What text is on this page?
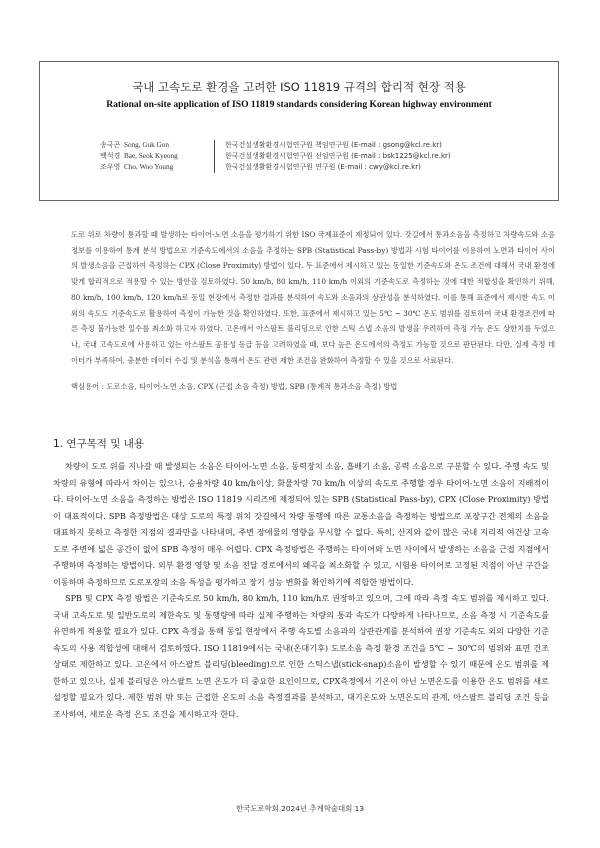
국내 고속도로 환경을 고려한 ISO 11819 규격의 합리적 현장 적용
Rational on-site application of ISO 11819 standards considering Korean highway environment
송국곤 Song, Guk Gon	한국건설생활환경시험연구원 책임연구원 (E-mail : gsong@kcl.re.kr)
백석경 Bae, Seok Kyeong	한국건설생활환경시험연구원 선임연구원 (E-mail : bsk1225@kcl.re.kr)
조우영 Cho, Woo Young	한국건설생활환경시험연구원 연구원 (E-mail : cwy@kcl.re.kr)
도로 위로 차량이 통과할 때 발생하는 타이어-노면 소음을 평가하기 위한 ISO 국제표준이 제정되어 있다. 갓길에서 통과소음을 측정하고 차량속도와 소음 정보를 이용하여 통계 분석 방법으로 기준속도에서의 소음을 추정하는 SPB (Statistical Pass-by) 방법과 시험 타이어를 이용하여 노면과 타이어 사이의 발생소음을 근접하여 측정하는 CPX (Close Proximity) 방법이 있다. 두 표준에서 제시하고 있는 동일한 기준속도와 온도 조건에 대해서 국내 환경에 맞게 합리적으로 적용할 수 있는 방안을 검토하였다. 50 km/h, 80 km/h, 110 km/h 이외의 기준속도로 측정하는 것에 대한 적합성을 확인하기 위해, 80 km/h, 100 km/h, 120 km/h로 동일 현장에서 측정한 결과를 분석하여 속도와 소음과의 상관성을 분석하였다. 이를 통해 표준에서 제시한 속도 이외의 속도도 기준속도로 활용하여 측정이 가능한 것을 확인하였다. 또한, 표준에서 제시하고 있는 5℃ ~ 30℃ 온도 범위를 검토하여 국내 환경조건에 따른 측정 불가능한 일수를 최소화 하고자 하였다. 고온에서 아스팔트 블리딩으로 인한 스틱 스냅 소음의 발생을 우려하여 측정 가능 온도 상한치를 두었으나, 국내 고속도로에 사용하고 있는 아스팔트 공용성 등급 등을 고려하였을 때, 보다 높은 온도에서의 측정도 가능할 것으로 판단된다. 다만, 실제 측정 데이터가 부족하여, 충분한 데이터 수집 및 분석을 통해서 온도 관련 제한 조건을 완화하여 측정할 수 있을 것으로 사료된다.
핵심용어 : 도로소음, 타이어-노면 소음, CPX (근접 소음 측정) 방법, SPB (통계적 통과소음 측정) 방법
1. 연구목적 및 내용

차량이 도로 위를 지나갈 때 발생되는 소음은 타이어-노면 소음, 동력장치 소음, 흡배기 소음, 공력 소음으로 구분할 수 있다. 주행 속도 및 차량의 유형에 따라서 차이는 있으나, 승용차량 40 km/h이상, 화물차량 70 km/h 이상의 속도로 주행할 경우 타이어-노면 소음이 지배적이다. 타이어-노면 소음을 측정하는 방법은 ISO 11819 시리즈에 제정되어 있는 SPB (Statistical Pass-by), CPX (Close Proximity) 방법이 대표적이다. SPB 측정방법은 대상 도로의 특정 위치 갓길에서 차량 통행에 따른 교통소음을 측정하는 방법으로 포장구간 전체의 소음을 대표하지 못하고 측정한 지점의 결과만을 나타내며, 주변 장애물의 영향을 무시할 수 없다. 특히, 산지와 같이 많은 국내 지리적 여건상 고속도로 주변에 넓은 공간이 없어 SPB 측정이 매우 어렵다. CPX 측정방법은 주행하는 타이어와 노면 사이에서 발생하는 소음을 근접 지점에서 주행하며 측정하는 방법이다. 외부 환경 영향 및 소음 전달 경로에서의 왜곡을 최소화할 수 있고, 시험용 타이어로 고정된 지점이 아닌 구간을 이동하며 측정하므로 도로포장의 소음 특성을 평가하고 장기 성능 변화를 확인하기에 적합한 방법이다.

SPB 및 CPX 측정 방법은 기준속도로 50 km/h, 80 km/h, 110 km/h로 권장하고 있으며, 그에 따라 측정 속도 범위를 제시하고 있다. 국내 고속도로 및 일반도로의 제한속도 및 통행량에 따라 실제 주행하는 차량의 통과 속도가 다양하게 나타나므로, 소음 측정 시 기준속도를 유연하게 적용할 필요가 있다. CPX 측정을 통해 동일 현장에서 주행 속도별 소음과의 상관관계를 분석하여 권장 기준속도 외의 다양한 기준속도의 사용 적합성에 대해서 검토하였다. ISO 11819에서는 국내(온대기후) 도로소음 측정 환경 조건을 5℃ ~ 30℃의 범위와 표면 건조 상태로 제한하고 있다. 고온에서 아스팔트 블리딩(bleeding)으로 인한 스틱스냅(stick-snap)소음이 발생할 수 있기 때문에 온도 범위를 제한하고 있으나, 실제 블리딩은 아스팔트 노면 온도가 더 중요한 요인이므로, CPX측정에서 기온이 아닌 노면온도를 이용한 온도 범위를 새로 설정할 필요가 있다. 제한 범위 밖 또는 근접한 온도의 소음 측정결과를 분석하고, 대기온도와 노면온도의 관계, 아스팔트 블리딩 조건 등을 조사하여, 새로운 측정 온도 조건을 제시하고자 한다.

한국도로학회 2024년 추계학술대회 13
